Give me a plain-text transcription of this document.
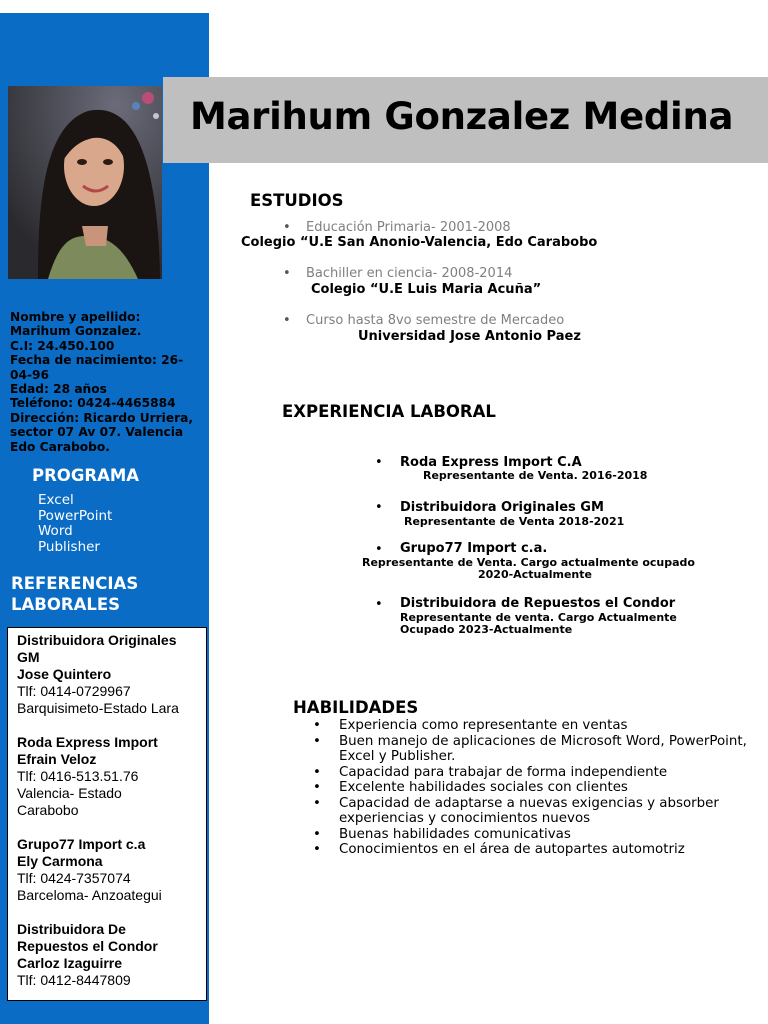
Marihum Gonzalez Medina
Nombre y apellido:
Marihum Gonzalez.
C.I: 24.450.100
Fecha de nacimiento: 26-
04-96
Edad: 28 años
Teléfono: 0424-4465884
Dirección: Ricardo Urriera,
sector 07 Av 07. Valencia
Edo Carabobo.
PROGRAMA
Excel
PowerPoint
Word
Publisher
REFERENCIAS
LABORALES
Distribuidora Originales
GM
Jose Quintero
Tlf: 0414-0729967
Barquisimeto-Estado Lara
Roda Express Import
Efrain Veloz
Tlf: 0416-513.51.76
Valencia- Estado
Carabobo
Grupo77 Import c.a
Ely Carmona
Tlf: 0424-7357074
Barceloma- Anzoategui
Distribuidora De
Repuestos el Condor
Carloz Izaguirre
Tlf: 0412-8447809
ESTUDIOS
• Educación Primaria- 2001-2008
Colegio “U.E San Anonio-Valencia, Edo Carabobo
• Bachiller en ciencia- 2008-2014
Colegio “U.E Luis Maria Acuña”
• Curso hasta 8vo semestre de Mercadeo
Universidad Jose Antonio Paez
EXPERIENCIA LABORAL
• Roda Express Import C.A
Representante de Venta. 2016-2018
• Distribuidora Originales GM
Representante de Venta 2018-2021
• Grupo77 Import c.a.
Representante de Venta. Cargo actualmente ocupado
2020-Actualmente
• Distribuidora de Repuestos el Condor
Representante de venta. Cargo Actualmente
Ocupado 2023-Actualmente
HABILIDADES
• Experiencia como representante en ventas
• Buen manejo de aplicaciones de Microsoft Word, PowerPoint, Excel y Publisher.
• Capacidad para trabajar de forma independiente
• Excelente habilidades sociales con clientes
• Capacidad de adaptarse a nuevas exigencias y absorber experiencias y conocimientos nuevos
• Buenas habilidades comunicativas
• Conocimientos en el área de autopartes automotriz
